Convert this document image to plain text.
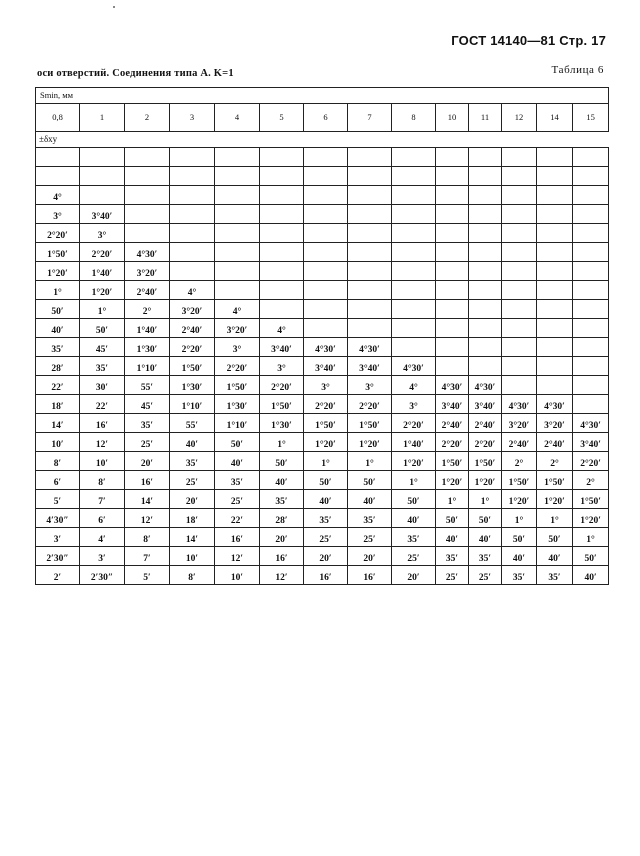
ГОСТ 14140—81 Стр. 17
оси отверстий. Соединения типа А. K=1	Таблица 6
Smin, мм													
0,8	1	2	3	4	5	6	7	8	10	11	12	14	15
±δxy													

4°													
3°	3°40′												
2°20′	3°												
1°50′	2°20′	4°30′											
1°20′	1°40′	3°20′											
1°	1°20′	2°40′	4°										
50′	1°	2°	3°20′	4°									
40′	50′	1°40′	2°40′	3°20′	4°								
35′	45′	1°30′	2°20′	3°	3°40′	4°30′	4°30′						
28′	35′	1°10′	1°50′	2°20′	3°	3°40′	3°40′	4°30′					
22′	30′	55′	1°30′	1°50′	2°20′	3°	3°	4°	4°30′	4°30′			
18′	22′	45′	1°10′	1°30′	1°50′	2°20′	2°20′	3°	3°40′	3°40′	4°30′	4°30′	
14′	16′	35′	55′	1°10′	1°30′	1°50′	1°50′	2°20′	2°40′	2°40′	3°20′	3°20′	4°30′
10′	12′	25′	40′	50′	1°	1°20′	1°20′	1°40′	2°20′	2°20′	2°40′	2°40′	3°40′
8′	10′	20′	35′	40′	50′	1°	1°	1°20′	1°50′	1°50′	2°	2°	2°20′
6′	8′	16′	25′	35′	40′	50′	50′	1°	1°20′	1°20′	1°50′	1°50′	2°
5′	7′	14′	20′	25′	35′	40′	40′	50′	1°	1°	1°20′	1°20′	1°50′
4′30″	6′	12′	18′	22′	28′	35′	35′	40′	50′	50′	1°	1°	1°20′
3′	4′	8′	14′	16′	20′	25′	25′	35′	40′	40′	50′	50′	1°
2′30″	3′	7′	10′	12′	16′	20′	20′	25′	35′	35′	40′	40′	50′
2′	2′30″	5′	8′	10′	12′	16′	16′	20′	25′	25′	35′	35′	40′
